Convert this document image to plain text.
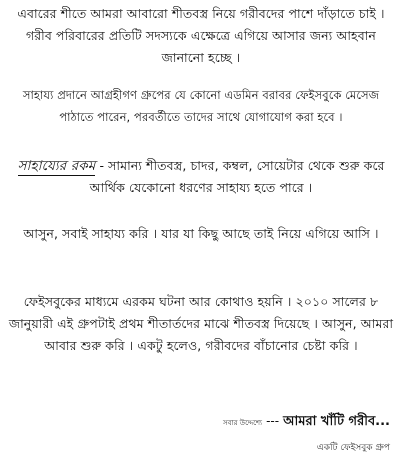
এবারের শীতে আমরা আবারো শীতবস্ত্র নিয়ে গরীবদের পাশে দাঁড়াতে চাই । গরীব পরিবারের প্রতিটি সদস্যকে এক্ষেত্রে এগিয়ে আসার জন্য আহবান জানানো হচ্ছে ।

সাহায্য প্রদানে আগ্রহীগণ গ্রুপের যে কোনো এডমিন বরাবর ফেইসবুকে মেসেজ পাঠাতে পারেন, পরবর্তীতে তাদের সাথে যোগাযোগ করা হবে ।

সাহায্যের রকম - সামান্য শীতবস্ত্র, চাদর, কম্বল, সোয়েটার থেকে শুরু করে আর্থিক যেকোনো ধরণের সাহায্য হতে পারে ।

আসুন, সবাই সাহায্য করি । যার যা কিছু আছে তাই নিয়ে এগিয়ে আসি ।

ফেইসবুকের মাধ্যমে এরকম ঘটনা আর কোথাও হয়নি । ২০১০ সালের ৮ জানুয়ারী এই গ্রুপটাই প্রথম শীতার্তদের মাঝে শীতবস্ত্র দিয়েছে । আসুন, আমরা আবার শুরু করি । একটু হলেও, গরীবদের বাঁচানোর চেষ্টা করি ।

সবার উদ্দেশ্যে --- আমরা খাঁটি গরীব...
একটি ফেইসবুক গ্রুপ
